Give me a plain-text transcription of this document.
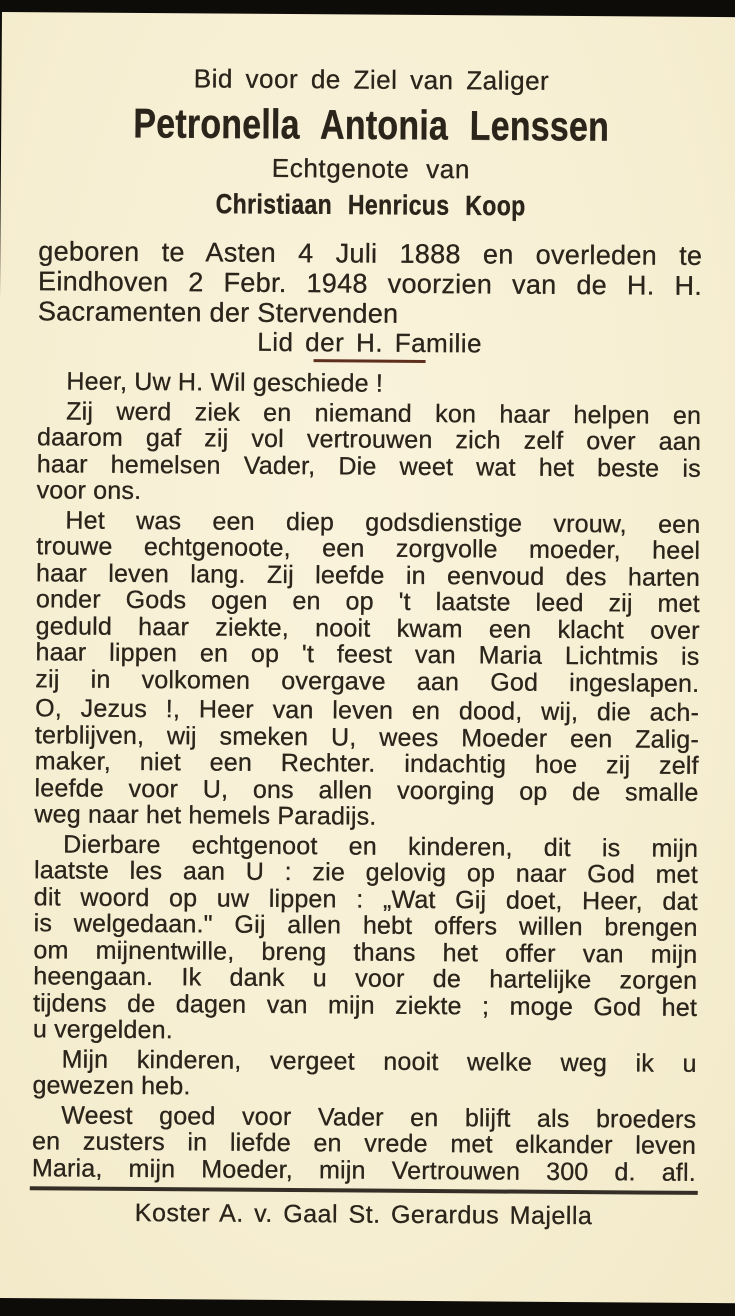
Bid voor de Ziel van Zaliger
Petronella Antonia Lenssen
Echtgenote van
Christiaan Henricus Koop
geboren te Asten 4 Juli 1888 en overleden te
Eindhoven 2 Febr. 1948 voorzien van de H. H.
Sacramenten der Stervenden
Lid der H. Familie
Heer, Uw H. Wil geschiede !
Zij werd ziek en niemand kon haar helpen en
daarom gaf zij vol vertrouwen zich zelf over aan
haar hemelsen Vader, Die weet wat het beste is
voor ons.
Het was een diep godsdienstige vrouw, een
trouwe echtgenoote, een zorgvolle moeder, heel
haar leven lang. Zij leefde in eenvoud des harten
onder Gods ogen en op 't laatste leed zij met
geduld haar ziekte, nooit kwam een klacht over
haar lippen en op 't feest van Maria Lichtmis is
zij in volkomen overgave aan God ingeslapen.
O, Jezus !, Heer van leven en dood, wij, die ach-
terblijven, wij smeken U, wees Moeder een Zalig-
maker, niet een Rechter. indachtig hoe zij zelf
leefde voor U, ons allen voorging op de smalle
weg naar het hemels Paradijs.
Dierbare echtgenoot en kinderen, dit is mijn
laatste les aan U : zie gelovig op naar God met
dit woord op uw lippen : „Wat Gij doet, Heer, dat
is welgedaan." Gij allen hebt offers willen brengen
om mijnentwille, breng thans het offer van mijn
heengaan. Ik dank u voor de hartelijke zorgen
tijdens de dagen van mijn ziekte ; moge God het
u vergelden.
Mijn kinderen, vergeet nooit welke weg ik u
gewezen heb.
Weest goed voor Vader en blijft als broeders
en zusters in liefde en vrede met elkander leven
Maria, mijn Moeder, mijn Vertrouwen 300 d. afl.
Koster A. v. Gaal St. Gerardus Majella
